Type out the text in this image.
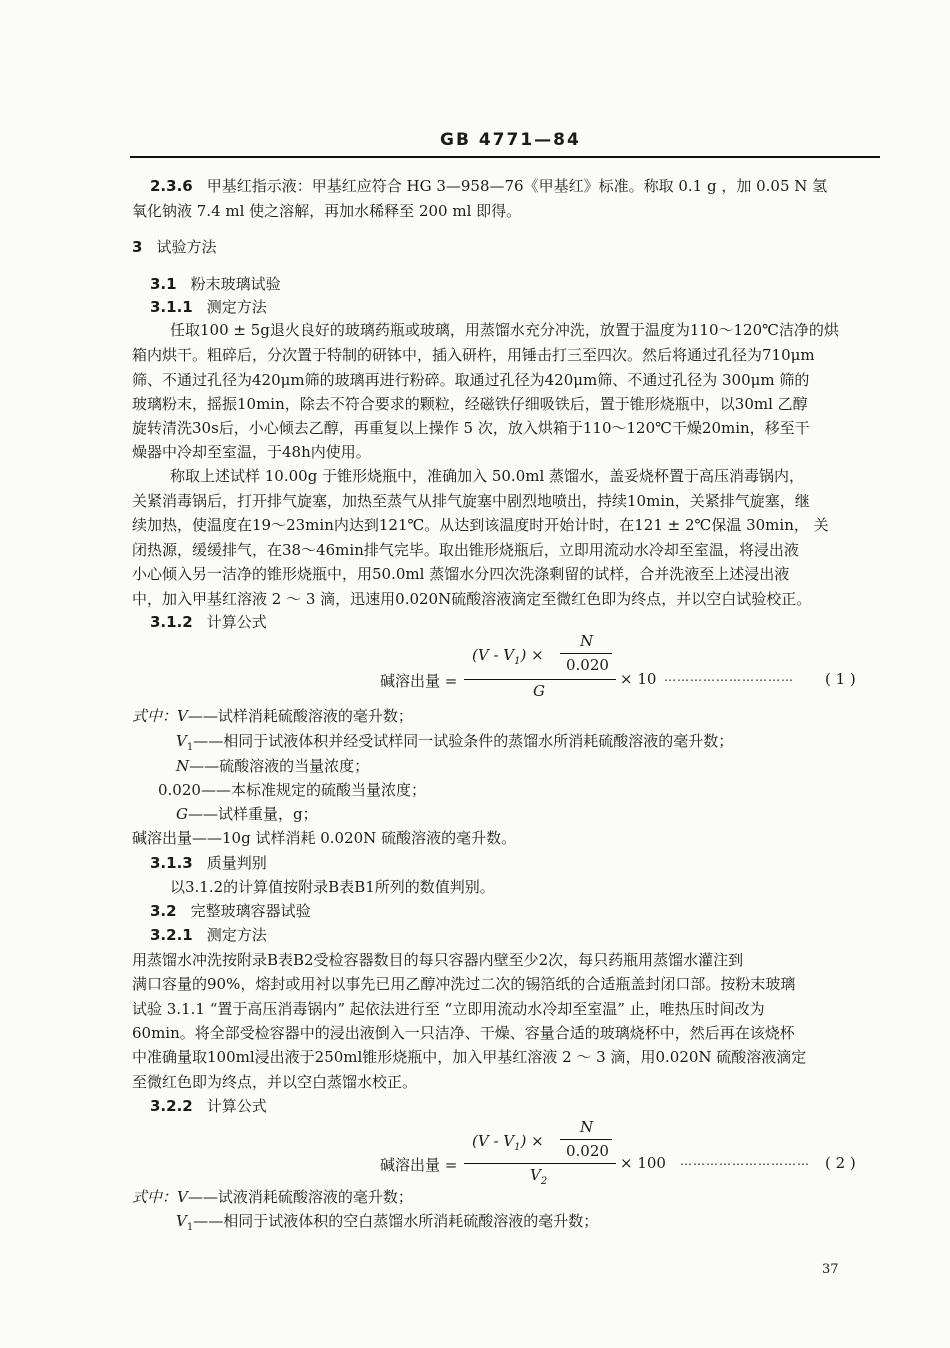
GB 4771—84
2.3.6 甲基红指示液：甲基红应符合 HG 3—958—76《甲基红》标准。称取 0.1 g ，加 0.05 N 氢
氧化钠液 7.4 ml 使之溶解，再加水稀释至 200 ml 即得。
3 试验方法
3.1 粉末玻璃试验
3.1.1 测定方法
任取100 ± 5g退火良好的玻璃药瓶或玻璃，用蒸馏水充分冲洗，放置于温度为110～120℃洁净的烘
箱内烘干。粗碎后，分次置于特制的研钵中，插入研杵，用锤击打三至四次。然后将通过孔径为710μm
筛、不通过孔径为420μm筛的玻璃再进行粉碎。取通过孔径为420μm筛、不通过孔径为 300μm 筛的
玻璃粉末，摇振10min，除去不符合要求的颗粒，经磁铁仔细吸铁后，置于锥形烧瓶中，以30ml 乙醇
旋转清洗30s后，小心倾去乙醇，再重复以上操作 5 次，放入烘箱于110～120℃干燥20min，移至干
燥器中冷却至室温，于48h内使用。
称取上述试样 10.00g 于锥形烧瓶中，准确加入 50.0ml 蒸馏水，盖妥烧杯置于高压消毒锅内，
关紧消毒锅后，打开排气旋塞，加热至蒸气从排气旋塞中剧烈地喷出，持续10min，关紧排气旋塞，继
续加热，使温度在19～23min内达到121℃。从达到该温度时开始计时，在121 ± 2℃保温 30min， 关
闭热源，缓缓排气，在38～46min排气完毕。取出锥形烧瓶后，立即用流动水冷却至室温，将浸出液
小心倾入另一洁净的锥形烧瓶中，用50.0ml 蒸馏水分四次洗涤剩留的试样，合并洗液至上述浸出液
中，加入甲基红溶液 2 ～ 3 滴，迅速用0.020N硫酸溶液滴定至微红色即为终点，并以空白试验校正。
3.1.2 计算公式
碱溶出量 =
$(V - V_1)$ ×
N
0.020
G
× 10 ………………………… ( 1 )
式中：V——试样消耗硫酸溶液的毫升数；
$V_1——$相同于试液体积并经受试样同一试验条件的蒸馏水所消耗硫酸溶液的毫升数；
N——硫酸溶液的当量浓度；
0.020——本标准规定的硫酸当量浓度；
G——试样重量，g；
碱溶出量——10g 试样消耗 0.020N 硫酸溶液的毫升数。
3.1.3 质量判别
以3.1.2的计算值按附录B表B1所列的数值判别。
3.2 完整玻璃容器试验
3.2.1 测定方法
用蒸馏水冲洗按附录B表B2受检容器数目的每只容器内壁至少2次，每只药瓶用蒸馏水灌注到
满口容量的90%，熔封或用衬以事先已用乙醇冲洗过二次的锡箔纸的合适瓶盖封闭口部。按粉末玻璃
试验 3.1.1 “置于高压消毒锅内” 起依法进行至 “立即用流动水冷却至室温” 止，唯热压时间改为
60min。将全部受检容器中的浸出液倒入一只洁净、干燥、容量合适的玻璃烧杯中，然后再在该烧杯
中准确量取100ml浸出液于250ml锥形烧瓶中，加入甲基红溶液 2 ～ 3 滴，用0.020N 硫酸溶液滴定
至微红色即为终点，并以空白蒸馏水校正。
3.2.2 计算公式
碱溶出量 =
$(V - V_1)$ ×
N
0.020
$V_2$
× 100 ………………………… ( 2 )
式中：V——试液消耗硫酸溶液的毫升数；
$V_1——$相同于试液体积的空白蒸馏水所消耗硫酸溶液的毫升数；
37
